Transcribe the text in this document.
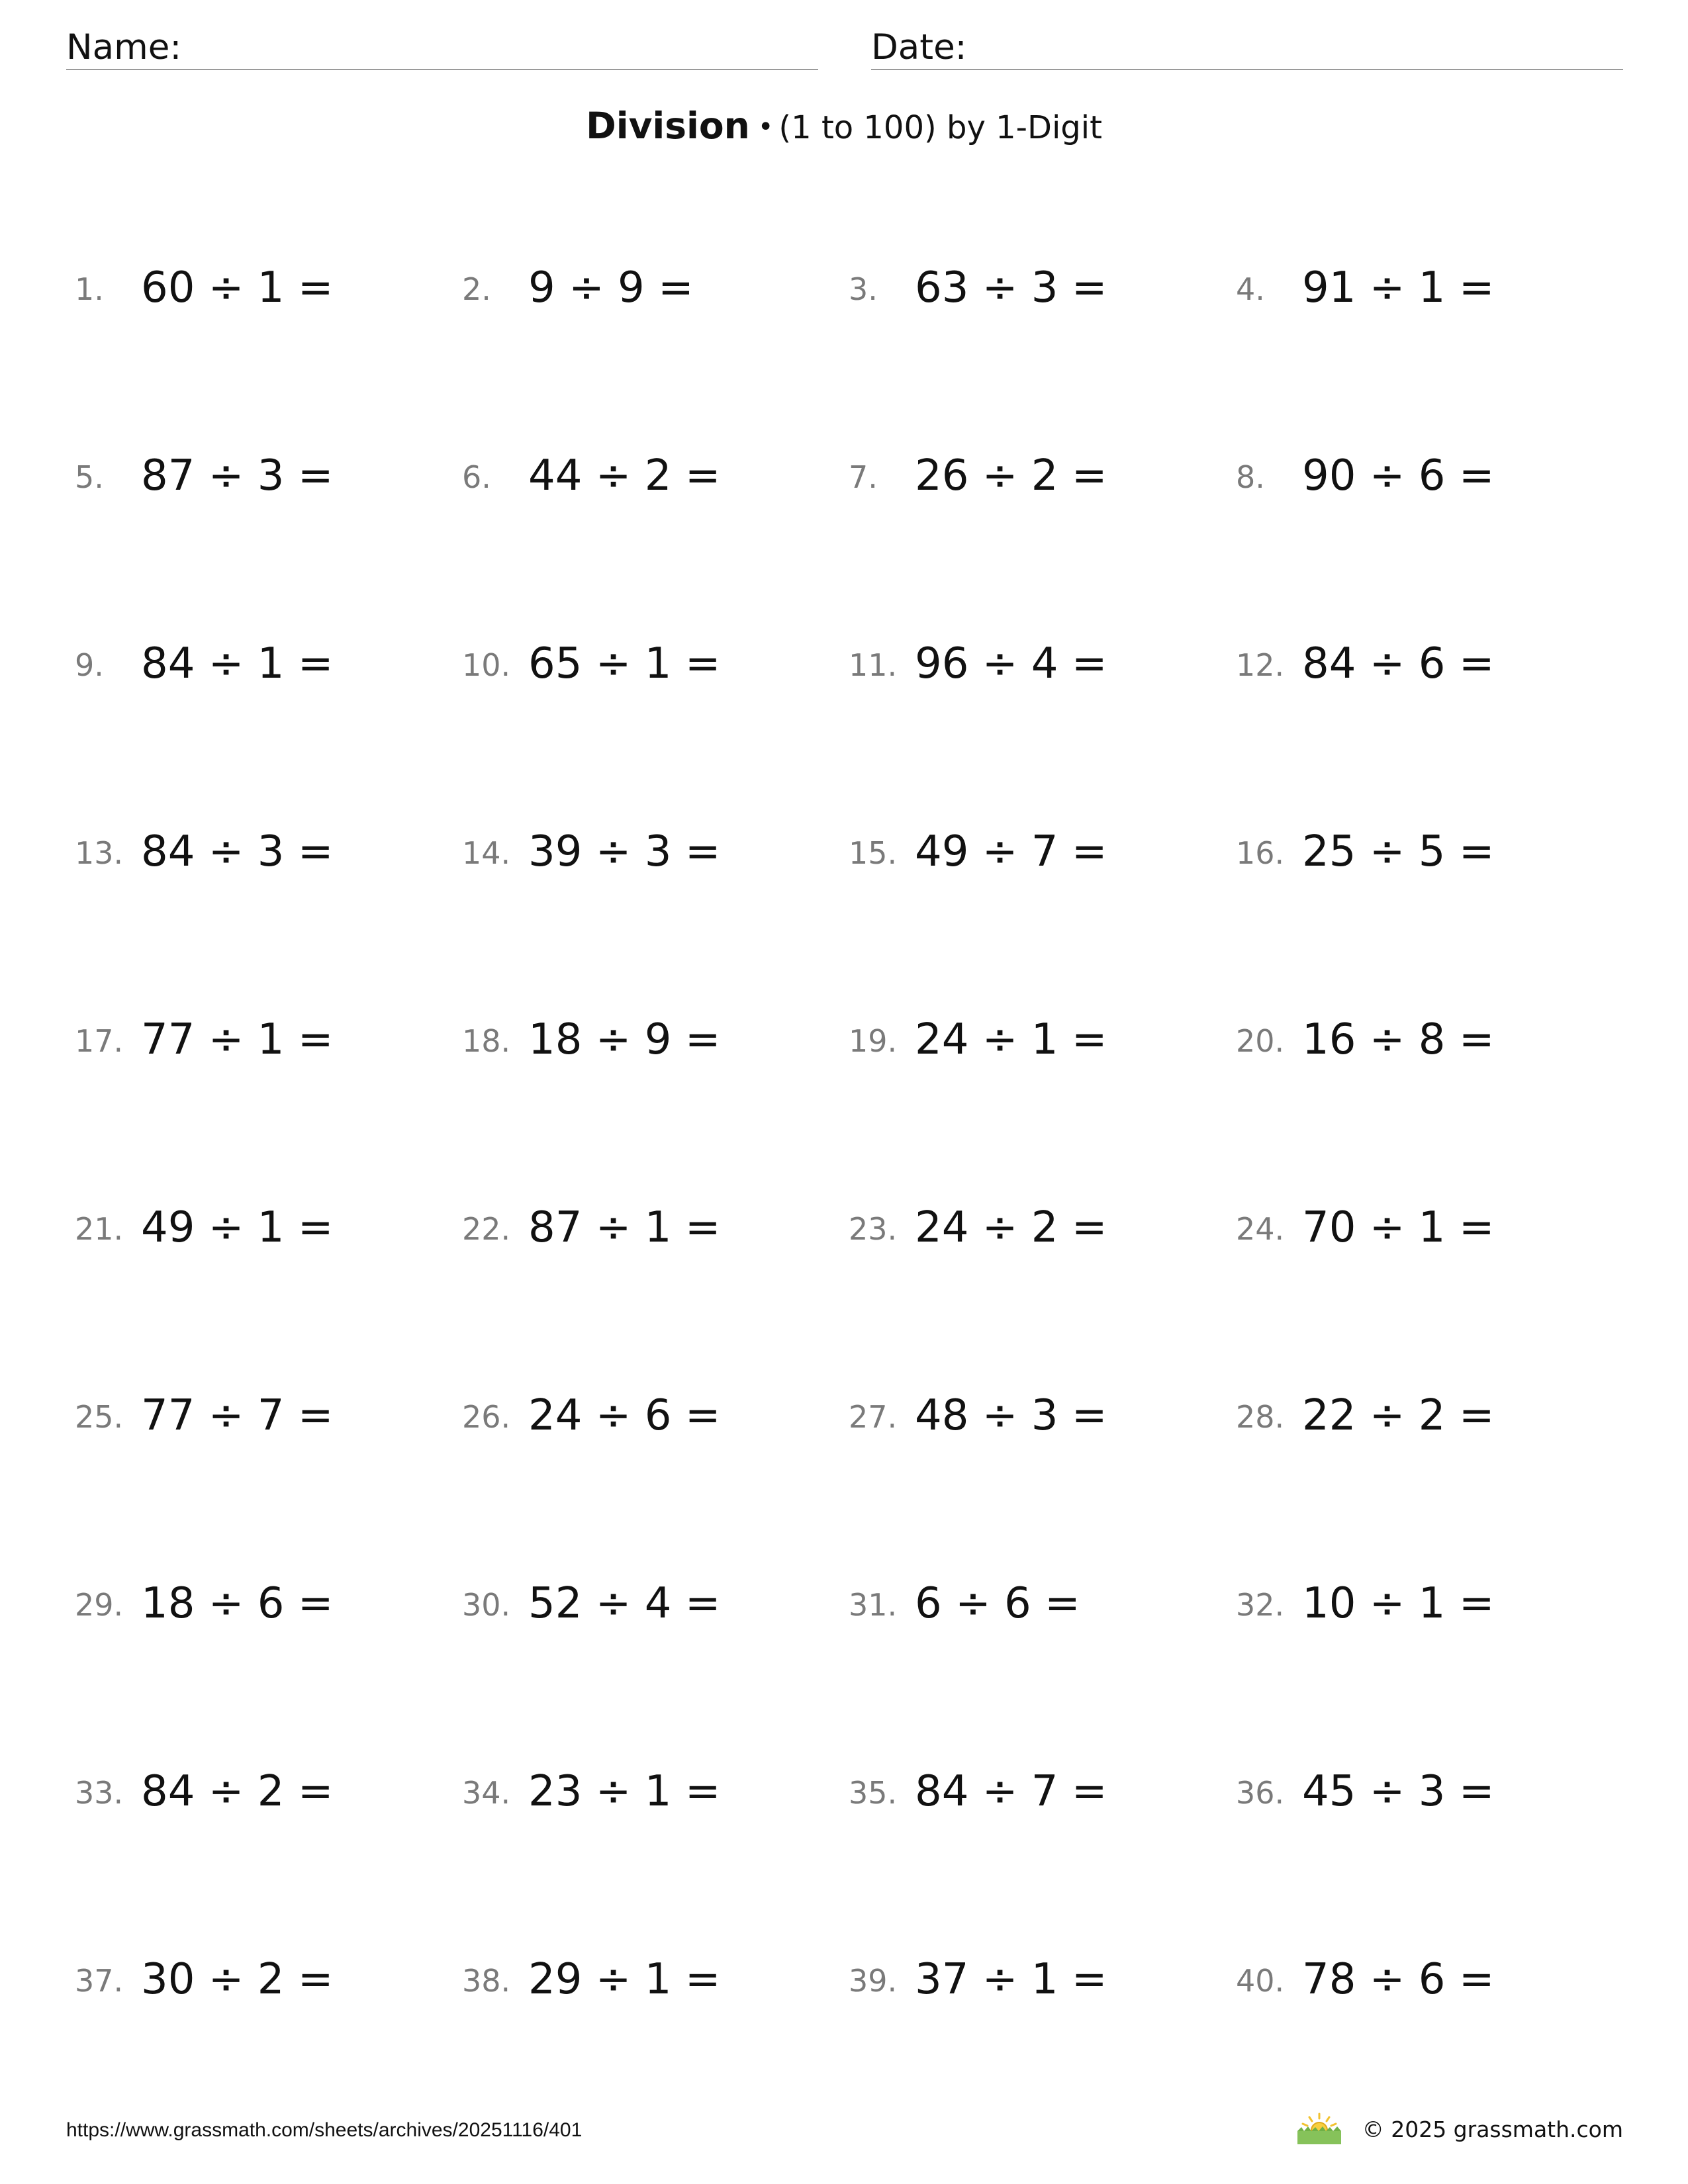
Name:	Date:
Division • (1 to 100) by 1-Digit
1. 60 ÷ 1 =	2. 9 ÷ 9 =	3. 63 ÷ 3 =	4. 91 ÷ 1 =
5. 87 ÷ 3 =	6. 44 ÷ 2 =	7. 26 ÷ 2 =	8. 90 ÷ 6 =
9. 84 ÷ 1 =	10. 65 ÷ 1 =	11. 96 ÷ 4 =	12. 84 ÷ 6 =
13. 84 ÷ 3 =	14. 39 ÷ 3 =	15. 49 ÷ 7 =	16. 25 ÷ 5 =
17. 77 ÷ 1 =	18. 18 ÷ 9 =	19. 24 ÷ 1 =	20. 16 ÷ 8 =
21. 49 ÷ 1 =	22. 87 ÷ 1 =	23. 24 ÷ 2 =	24. 70 ÷ 1 =
25. 77 ÷ 7 =	26. 24 ÷ 6 =	27. 48 ÷ 3 =	28. 22 ÷ 2 =
29. 18 ÷ 6 =	30. 52 ÷ 4 =	31. 6 ÷ 6 =	32. 10 ÷ 1 =
33. 84 ÷ 2 =	34. 23 ÷ 1 =	35. 84 ÷ 7 =	36. 45 ÷ 3 =
37. 30 ÷ 2 =	38. 29 ÷ 1 =	39. 37 ÷ 1 =	40. 78 ÷ 6 =
https://www.grassmath.com/sheets/archives/20251116/401	© 2025 grassmath.com
